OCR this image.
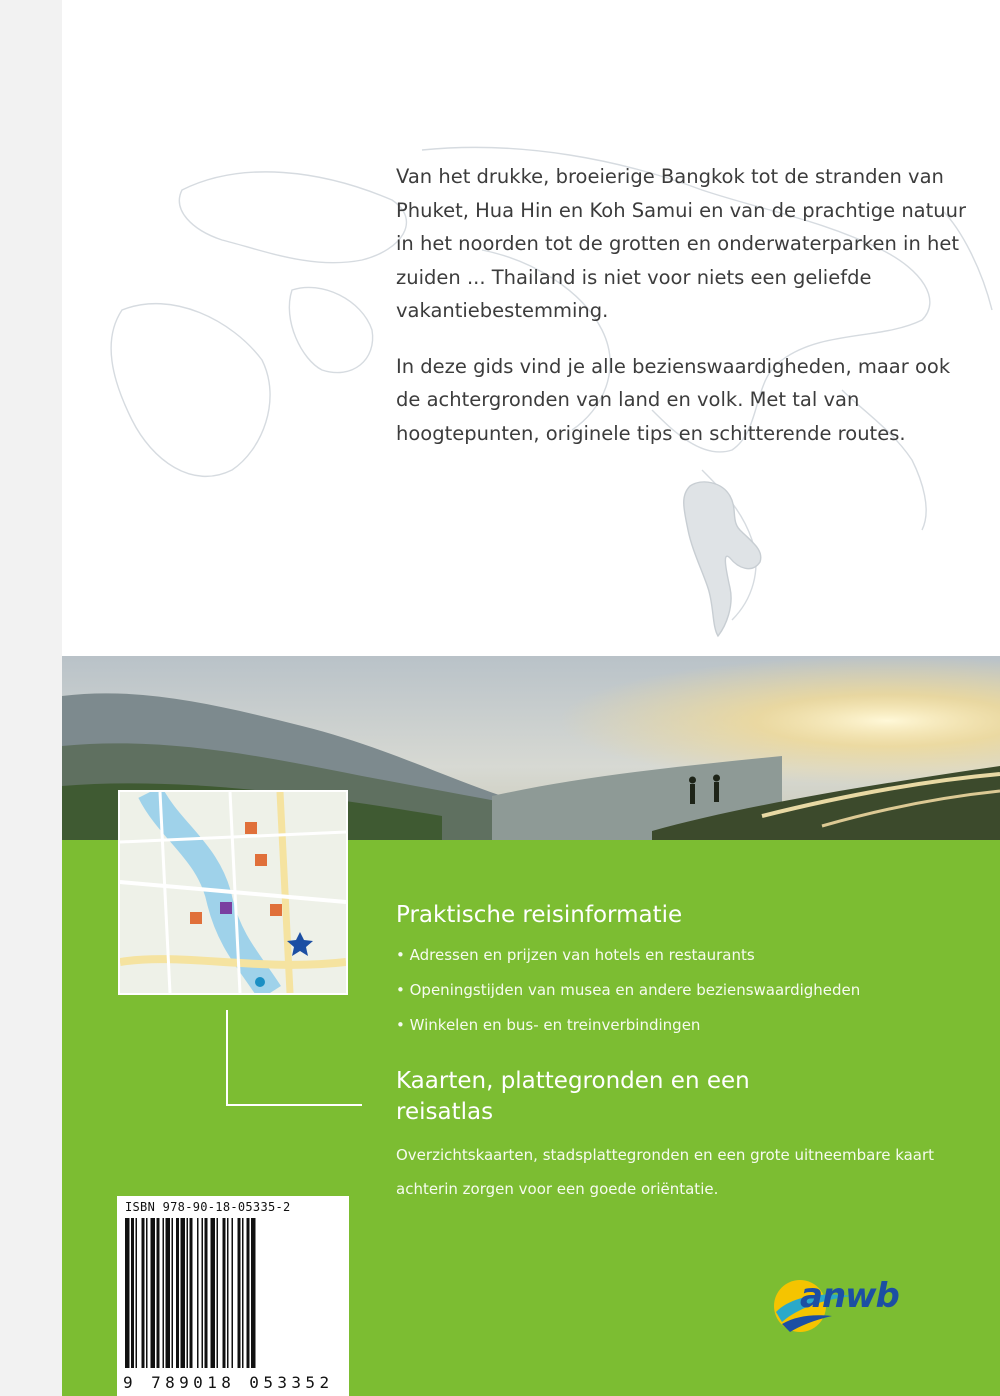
Van het drukke, broeierige Bangkok tot de stranden van Phuket, Hua Hin en Koh Samui en van de prachtige natuur in het noorden tot de grotten en onderwaterparken in het zuiden ... Thailand is niet voor niets een geliefde vakantiebestemming.

In deze gids vind je alle bezienswaardigheden, maar ook de achtergronden van land en volk. Met tal van hoogtepunten, originele tips en schitterende routes.

Praktische reisinformatie
• Adressen en prijzen van hotels en restaurants
• Openingstijden van musea en andere bezienswaardigheden
• Winkelen en bus- en treinverbindingen
Kaarten, plattegronden en een reisatlas
Overzichtskaarten, stadsplattegronden en een grote uitneembare kaart achterin zorgen voor een goede oriëntatie.
ISBN 978-90-18-05335-2
9 789018 053352
anwb
